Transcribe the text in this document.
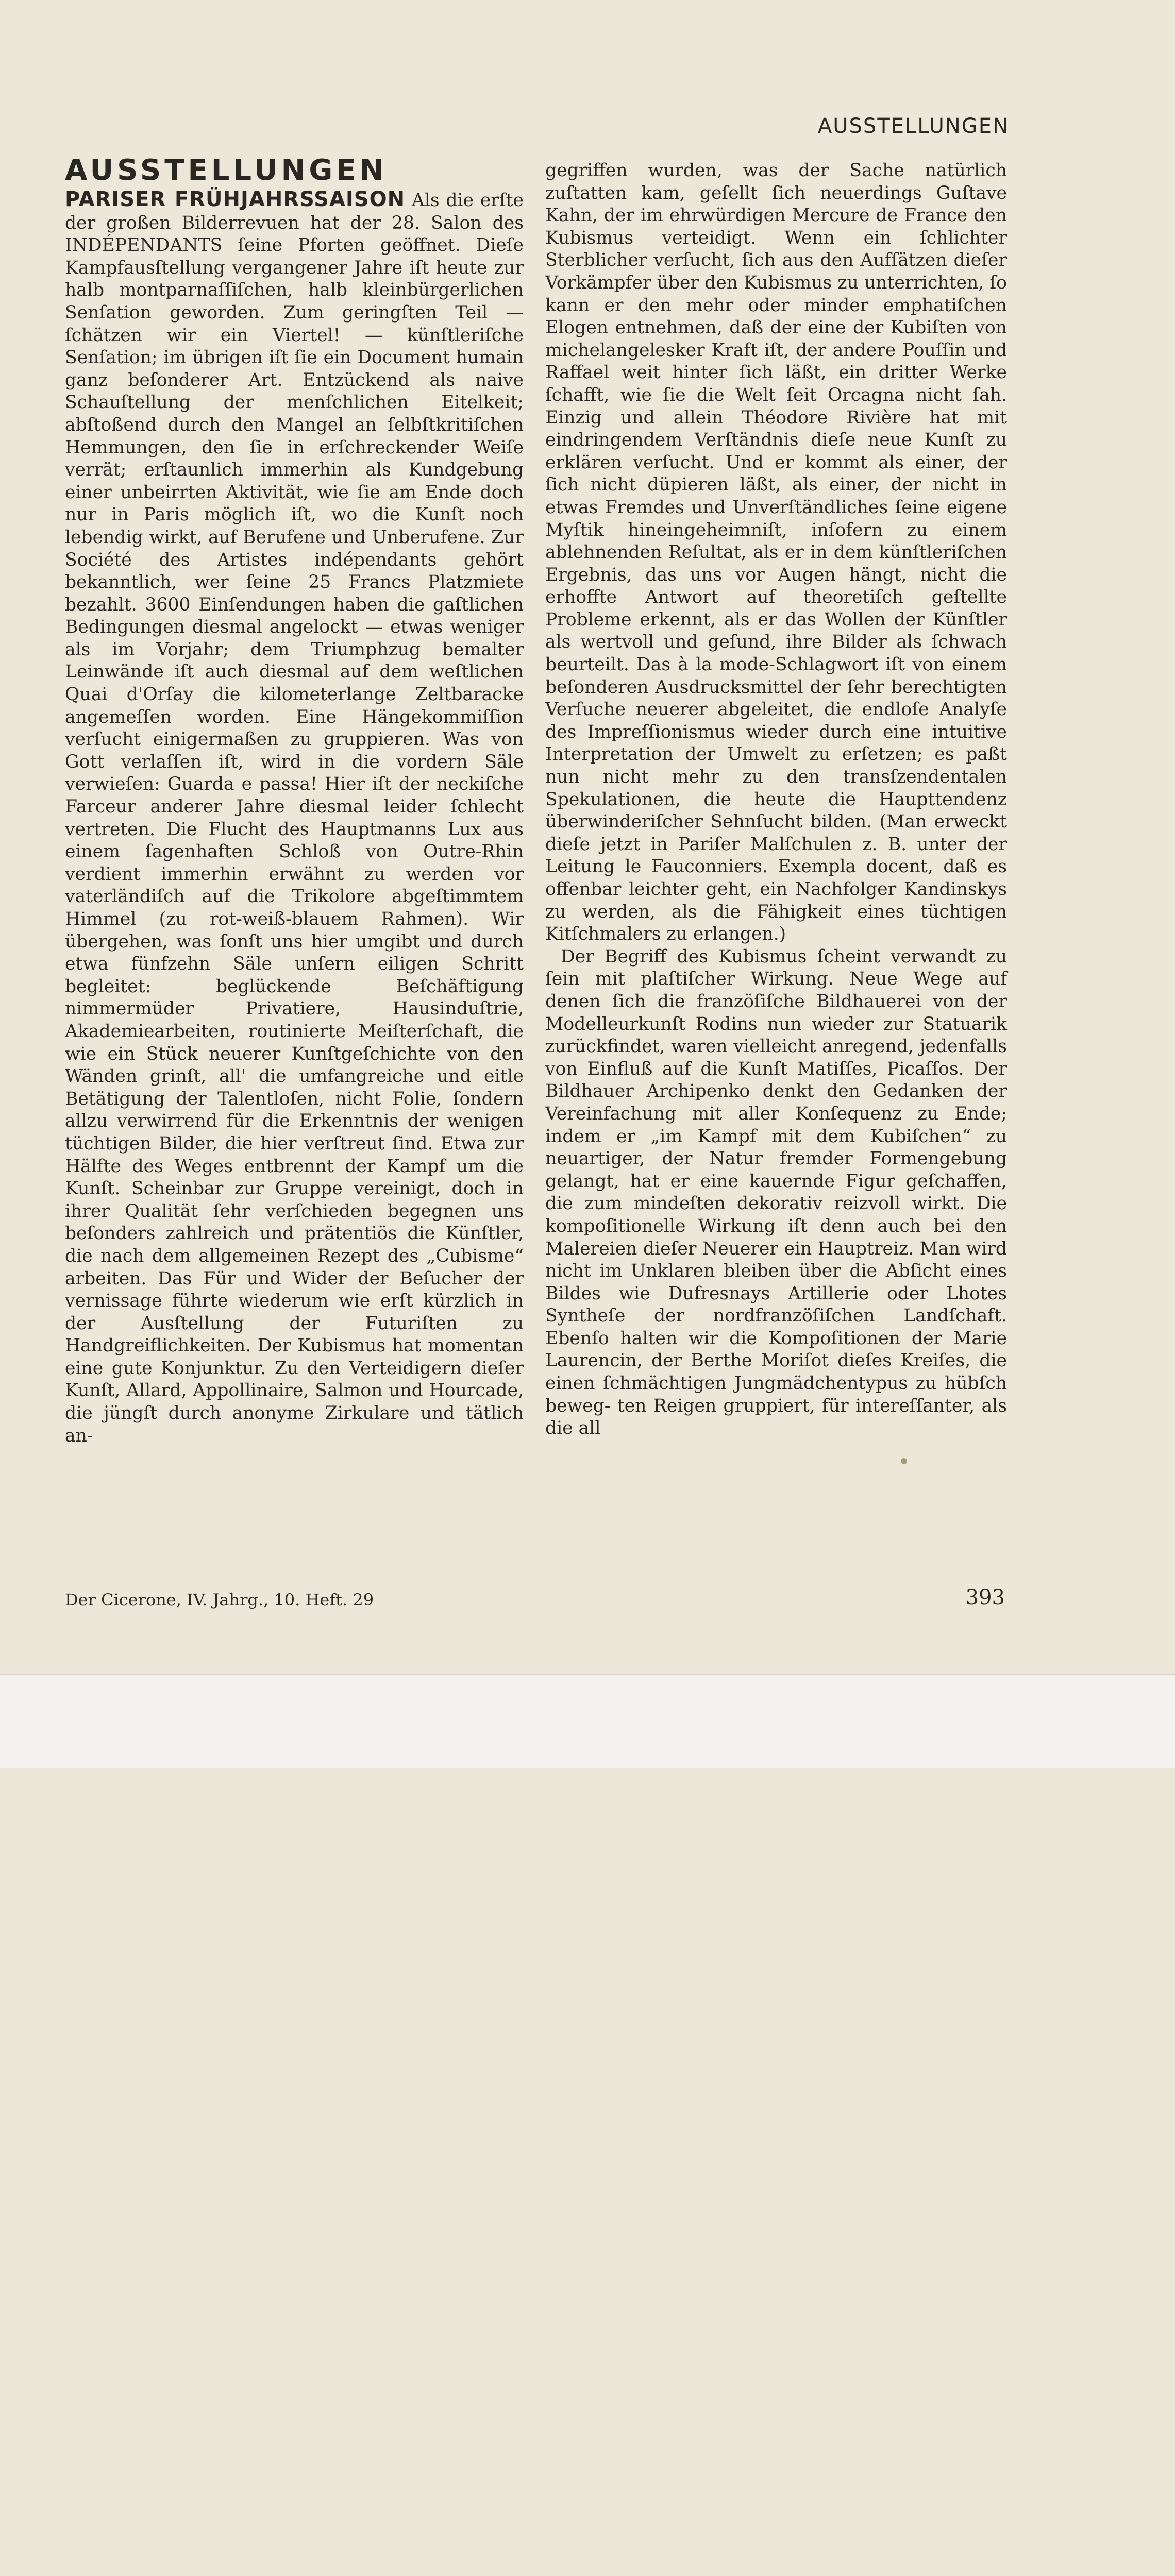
AUSSTELLUNGEN
AUSSTELLUNGEN

PARISER FRÜHJAHRSSAISON Als die erſte der großen Bilderrevuen hat der 28. Salon des INDÉPENDANTS ſeine Pforten geöffnet. Dieſe Kampfausſtellung vergangener Jahre iſt heute zur halb montparnaſſiſchen, halb kleinbürgerlichen Senſation geworden. Zum geringſten Teil — ſchätzen wir ein Viertel! — künſtleriſche Senſation; im übrigen iſt ſie ein Document humain ganz beſonderer Art. Entzückend als naive Schauſtellung der menſchlichen Eitelkeit; abſtoßend durch den Mangel an ſelbſtkritiſchen Hemmungen, den ſie in erſchreckender Weiſe verrät; erſtaunlich immerhin als Kundgebung einer unbeirrten Aktivität, wie ſie am Ende doch nur in Paris möglich iſt, wo die Kunſt noch lebendig wirkt, auf Berufene und Unberufene. Zur Société des Artistes indépendants gehört bekanntlich, wer ſeine 25 Francs Platzmiete bezahlt. 3600 Einſendungen haben die gaſtlichen Bedingungen diesmal angelockt — etwas weniger als im Vorjahr; dem Triumphzug bemalter Leinwände iſt auch diesmal auf dem weſtlichen Quai d'Orſay die kilometerlange Zeltbaracke angemeſſen worden. Eine Hängekommiſſion verſucht einigermaßen zu gruppieren. Was von Gott verlaſſen iſt, wird in die vordern Säle verwieſen: Guarda e passa! Hier iſt der neckiſche Farceur anderer Jahre diesmal leider ſchlecht vertreten. Die Flucht des Hauptmanns Lux aus einem ſagenhaften Schloß von Outre-Rhin verdient immerhin erwähnt zu werden vor vaterländiſch auf die Trikolore abgeſtimmtem Himmel (zu rot-weiß-blauem Rahmen). Wir übergehen, was ſonſt uns hier umgibt und durch etwa fünfzehn Säle unſern eiligen Schritt begleitet: beglückende Beſchäftigung nimmermüder Privatiere, Hausinduſtrie, Akademiearbeiten, routinierte Meiſterſchaft, die wie ein Stück neuerer Kunſtgeſchichte von den Wänden grinſt, all' die umfangreiche und eitle Betätigung der Talentloſen, nicht Folie, ſondern allzu verwirrend für die Erkenntnis der wenigen tüchtigen Bilder, die hier verſtreut ſind. Etwa zur Hälfte des Weges entbrennt der Kampf um die Kunſt. Scheinbar zur Gruppe vereinigt, doch in ihrer Qualität ſehr verſchieden begegnen uns beſonders zahlreich und prätentiös die Künſtler, die nach dem allgemeinen Rezept des „Cubisme“ arbeiten. Das Für und Wider der Beſucher der vernissage führte wiederum wie erſt kürzlich in der Ausſtellung der Futuriſten zu Handgreiflichkeiten. Der Kubismus hat momentan eine gute Konjunktur. Zu den Verteidigern dieſer Kunſt, Allard, Appollinaire, Salmon und Hourcade, die jüngſt durch anonyme Zirkulare und tätlich an-

gegriffen wurden, was der Sache natürlich zuſtatten kam, geſellt ſich neuerdings Guſtave Kahn, der im ehrwürdigen Mercure de France den Kubismus verteidigt. Wenn ein ſchlichter Sterblicher verſucht, ſich aus den Aufſätzen dieſer Vorkämpfer über den Kubismus zu unterrichten, ſo kann er den mehr oder minder emphatiſchen Elogen entnehmen, daß der eine der Kubiſten von michelangelesker Kraft iſt, der andere Pouſſin und Raffael weit hinter ſich läßt, ein dritter Werke ſchafft, wie ſie die Welt ſeit Orcagna nicht ſah. Einzig und allein Théodore Rivière hat mit eindringendem Verſtändnis dieſe neue Kunſt zu erklären verſucht. Und er kommt als einer, der ſich nicht düpieren läßt, als einer, der nicht in etwas Fremdes und Unverſtändliches ſeine eigene Myſtik hineingeheimniſt, inſofern zu einem ablehnenden Reſultat, als er in dem künſtleriſchen Ergebnis, das uns vor Augen hängt, nicht die erhoffte Antwort auf theoretiſch geſtellte Probleme erkennt, als er das Wollen der Künſtler als wertvoll und geſund, ihre Bilder als ſchwach beurteilt. Das à la mode-Schlagwort iſt von einem beſonderen Ausdrucksmittel der ſehr berechtigten Verſuche neuerer abgeleitet, die endloſe Analyſe des Impreſſionismus wieder durch eine intuitive Interpretation der Umwelt zu erſetzen; es paßt nun nicht mehr zu den transſzendentalen Spekulationen, die heute die Haupttendenz überwinderiſcher Sehnſucht bilden. (Man erweckt dieſe jetzt in Pariſer Malſchulen z. B. unter der Leitung le Fauconniers. Exempla docent, daß es offenbar leichter geht, ein Nachfolger Kandinskys zu werden, als die Fähigkeit eines tüchtigen Kitſchmalers zu erlangen.)

Der Begriff des Kubismus ſcheint verwandt zu ſein mit plaſtiſcher Wirkung. Neue Wege auf denen ſich die franzöſiſche Bildhauerei von der Modelleurkunſt Rodins nun wieder zur Statuarik zurückfindet, waren vielleicht anregend, jedenfalls von Einfluß auf die Kunſt Matiſſes, Picaſſos. Der Bildhauer Archipenko denkt den Gedanken der Vereinfachung mit aller Konſequenz zu Ende; indem er „im Kampf mit dem Kubiſchen“ zu neuartiger, der Natur fremder Formengebung gelangt, hat er eine kauernde Figur geſchaffen, die zum mindeſten dekorativ reizvoll wirkt. Die kompoſitionelle Wirkung iſt denn auch bei den Malereien dieſer Neuerer ein Hauptreiz. Man wird nicht im Unklaren bleiben über die Abſicht eines Bildes wie Dufresnays Artillerie oder Lhotes Syntheſe der nordfranzöſiſchen Landſchaft. Ebenſo halten wir die Kompoſitionen der Marie Laurencin, der Berthe Moriſot dieſes Kreiſes, die einen ſchmächtigen Jungmädchentypus zu hübſch beweg- ten Reigen gruppiert, für intereſſanter, als die all

Der Cicerone, IV. Jahrg., 10. Heft. 29	393
